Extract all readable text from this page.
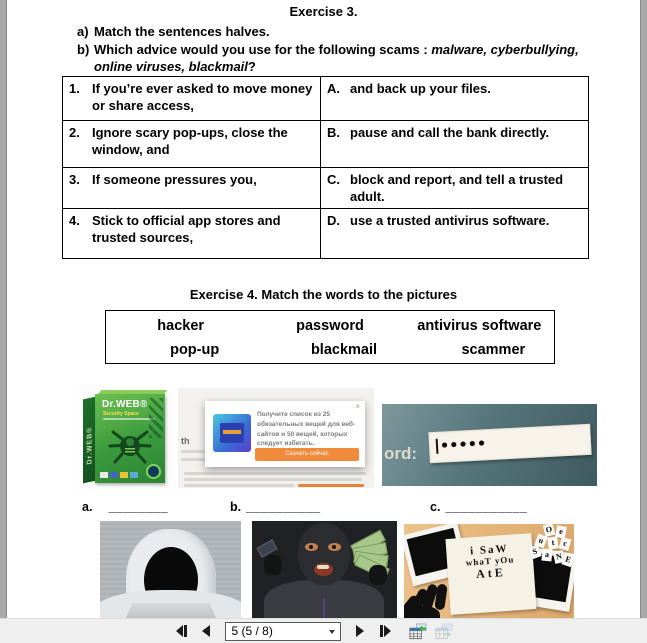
Exercise 3.
a) Match the sentences halves.
b) Which advice would you use for the following scams : malware, cyberbullying, online viruses, blackmail?
1. If you’re ever asked to move money or share access,	A. and back up your files.

2. Ignore scary pop-ups, close the window, and	B. pause and call the bank directly.

3. If someone pressures you,	C. block and report, and tell a trusted adult.

4. Stick to official app stores and trusted sources,	D. use a trusted antivirus software.
Exercise 4. Match the words to the pictures
hacker	password	antivirus software
pop-up	blackmail	scammer
Dr.WEB®
Dr.WEB®
Security Space
th
×
Получите список из 25 обязательных вещей для веб-сайтов и 50 вещей, которых следует избегать.
Скачать сейчас	ord:
●●●●●
a. ________	b. __________	c. ___________
i SaW
whaT yOu
AtE
O e
u t c
S a N E
5 (5 / 8)
